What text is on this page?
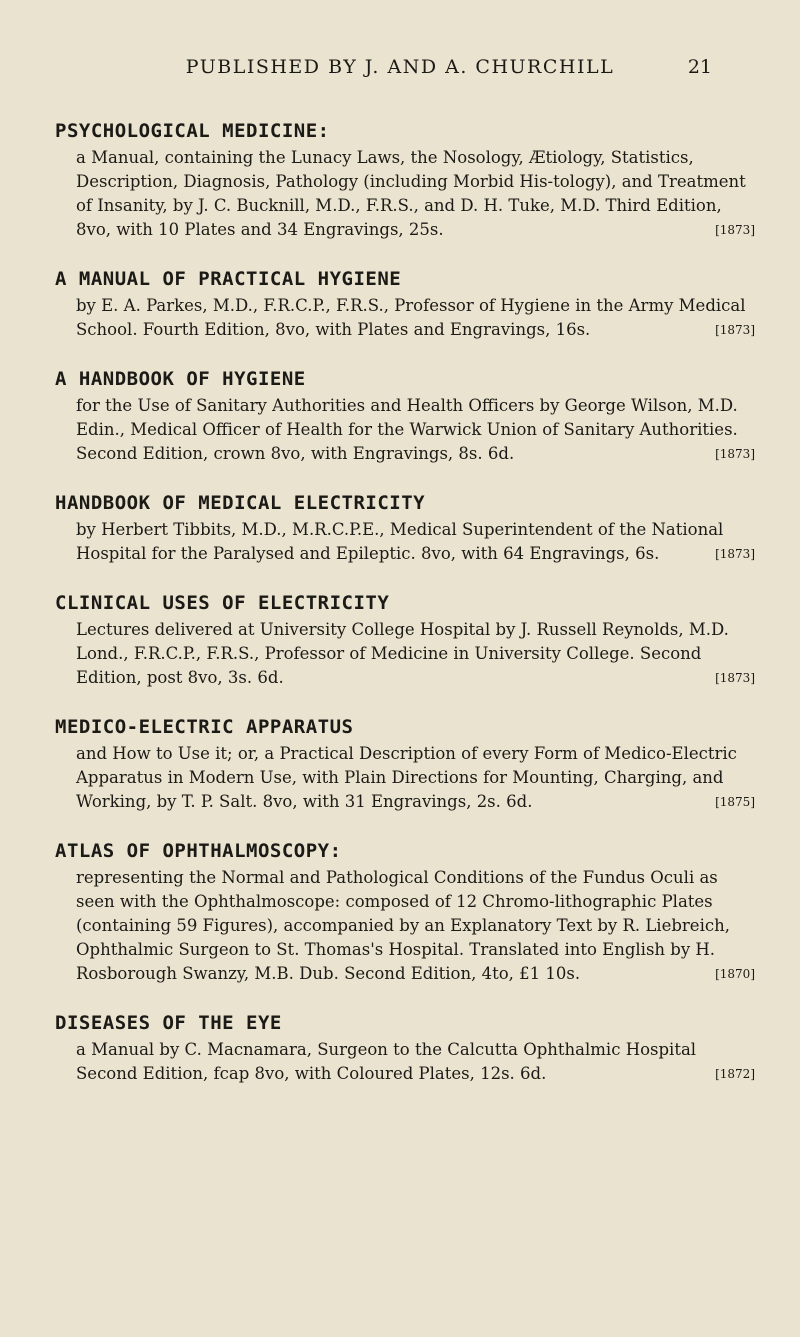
PUBLISHED BY J. AND A. CHURCHILL	21
PSYCHOLOGICAL MEDICINE:
a Manual, containing the Lunacy Laws, the Nosology, Ætiology, Statistics, Description, Diagnosis, Pathology (including Morbid His-tology), and Treatment of Insanity, by J. C. Bucknill, M.D., F.R.S., and D. H. Tuke, M.D. Third Edition, 8vo, with 10 Plates and 34 Engravings, 25s.	[1873]
A MANUAL OF PRACTICAL HYGIENE
by E. A. Parkes, M.D., F.R.C.P., F.R.S., Professor of Hygiene in the Army Medical School. Fourth Edition, 8vo, with Plates and Engravings, 16s.	[1873]
A HANDBOOK OF HYGIENE
for the Use of Sanitary Authorities and Health Officers by George Wilson, M.D. Edin., Medical Officer of Health for the Warwick Union of Sanitary Authorities. Second Edition, crown 8vo, with Engravings, 8s. 6d.	[1873]
HANDBOOK OF MEDICAL ELECTRICITY
by Herbert Tibbits, M.D., M.R.C.P.E., Medical Superintendent of the National Hospital for the Paralysed and Epileptic. 8vo, with 64 Engravings, 6s.	[1873]
CLINICAL USES OF ELECTRICITY
Lectures delivered at University College Hospital by J. Russell Reynolds, M.D. Lond., F.R.C.P., F.R.S., Professor of Medicine in University College. Second Edition, post 8vo, 3s. 6d.	[1873]
MEDICO-ELECTRIC APPARATUS
and How to Use it; or, a Practical Description of every Form of Medico-Electric Apparatus in Modern Use, with Plain Directions for Mounting, Charging, and Working, by T. P. Salt. 8vo, with 31 Engravings, 2s. 6d.	[1875]
ATLAS OF OPHTHALMOSCOPY:
representing the Normal and Pathological Conditions of the Fundus Oculi as seen with the Ophthalmoscope: composed of 12 Chromo-lithographic Plates (containing 59 Figures), accompanied by an Explanatory Text by R. Liebreich, Ophthalmic Surgeon to St. Thomas's Hospital. Translated into English by H. Rosborough Swanzy, M.B. Dub. Second Edition, 4to, £1 10s.	[1870]
DISEASES OF THE EYE
a Manual by C. Macnamara, Surgeon to the Calcutta Ophthalmic Hospital Second Edition, fcap 8vo, with Coloured Plates, 12s. 6d.	[1872]
